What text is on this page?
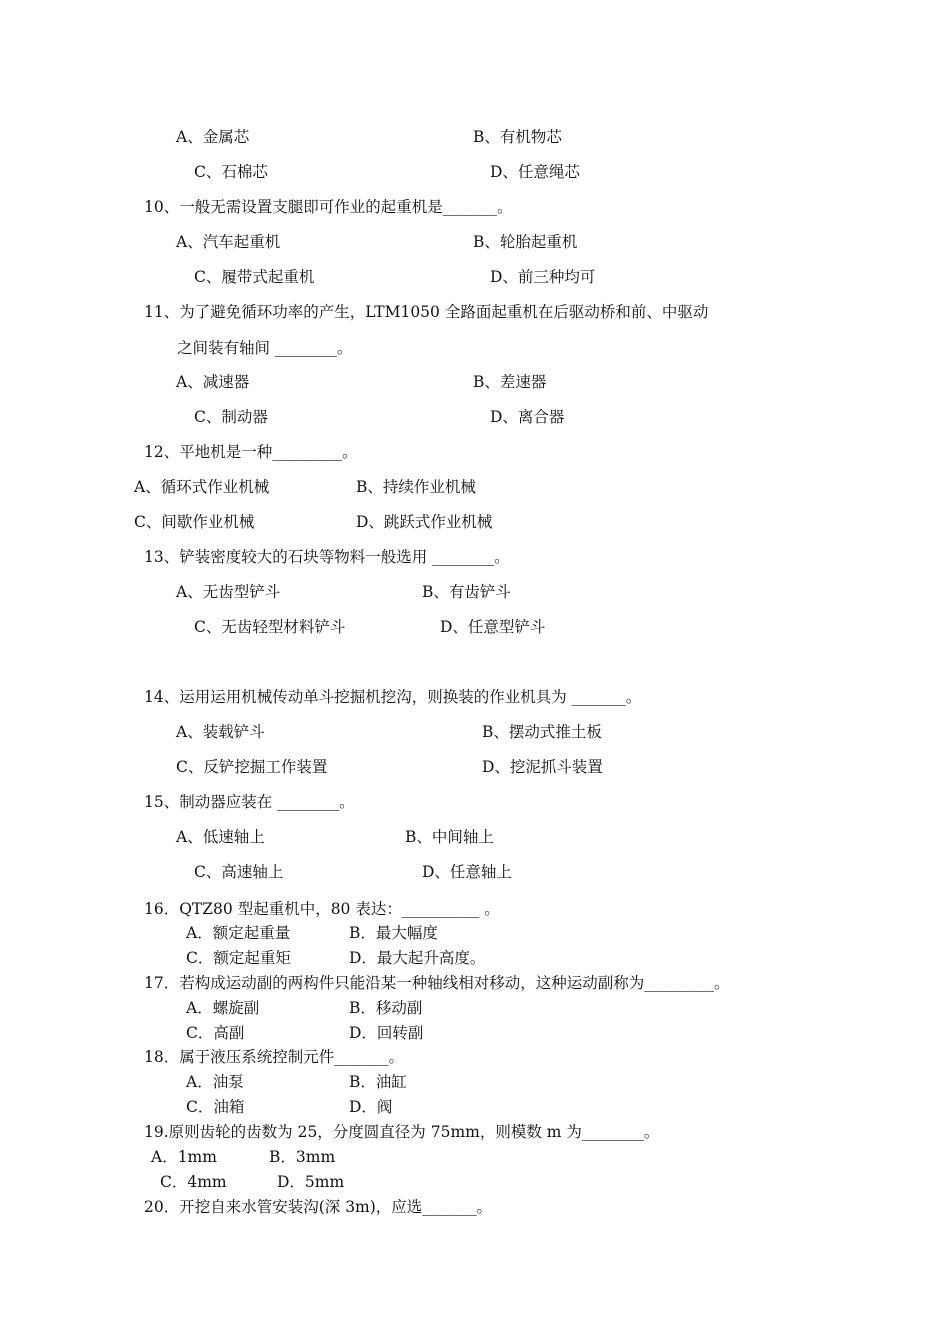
A、金属芯	B、有机物芯
C、石棉芯	D、任意绳芯
10、一般无需设置支腿即可作业的起重机是_______。
A、汽车起重机	B、轮胎起重机
C、履带式起重机	D、前三种均可
11、为了避免循环功率的产生，LTM1050 全路面起重机在后驱动桥和前、中驱动
之间装有轴间 ________。
A、减速器	B、差速器
C、制动器	D、离合器
12、平地机是一种_________。
A、循环式作业机械	B、持续作业机械
C、间歇作业机械	D、跳跃式作业机械
13、铲装密度较大的石块等物料一般选用 ________。
A、无齿型铲斗	B、有齿铲斗
C、无齿轻型材料铲斗	D、任意型铲斗
14、运用运用机械传动单斗挖掘机挖沟，则换装的作业机具为 _______。
A、装载铲斗	B、摆动式推土板
C、反铲挖掘工作装置	D、挖泥抓斗装置
15、制动器应装在 ________。
A、低速轴上	B、中间轴上
C、高速轴上	D、任意轴上
16．QTZ80 型起重机中，80 表达：__________ 。
A．额定起重量	B．最大幅度
C．额定起重矩	D．最大起升高度。
17．若构成运动副的两构件只能沿某一种轴线相对移动，这种运动副称为_________。
A．螺旋副	B．移动副
C．高副	D．回转副
18．属于液压系统控制元件_______。
A．油泵	B．油缸
C．油箱	D．阀
19.原则齿轮的齿数为 25，分度圆直径为 75mm，则模数 m 为________。
A．1mm	B．3mm
C．4mm	D．5mm
20．开挖自来水管安装沟(深 3m)，应选_______。
